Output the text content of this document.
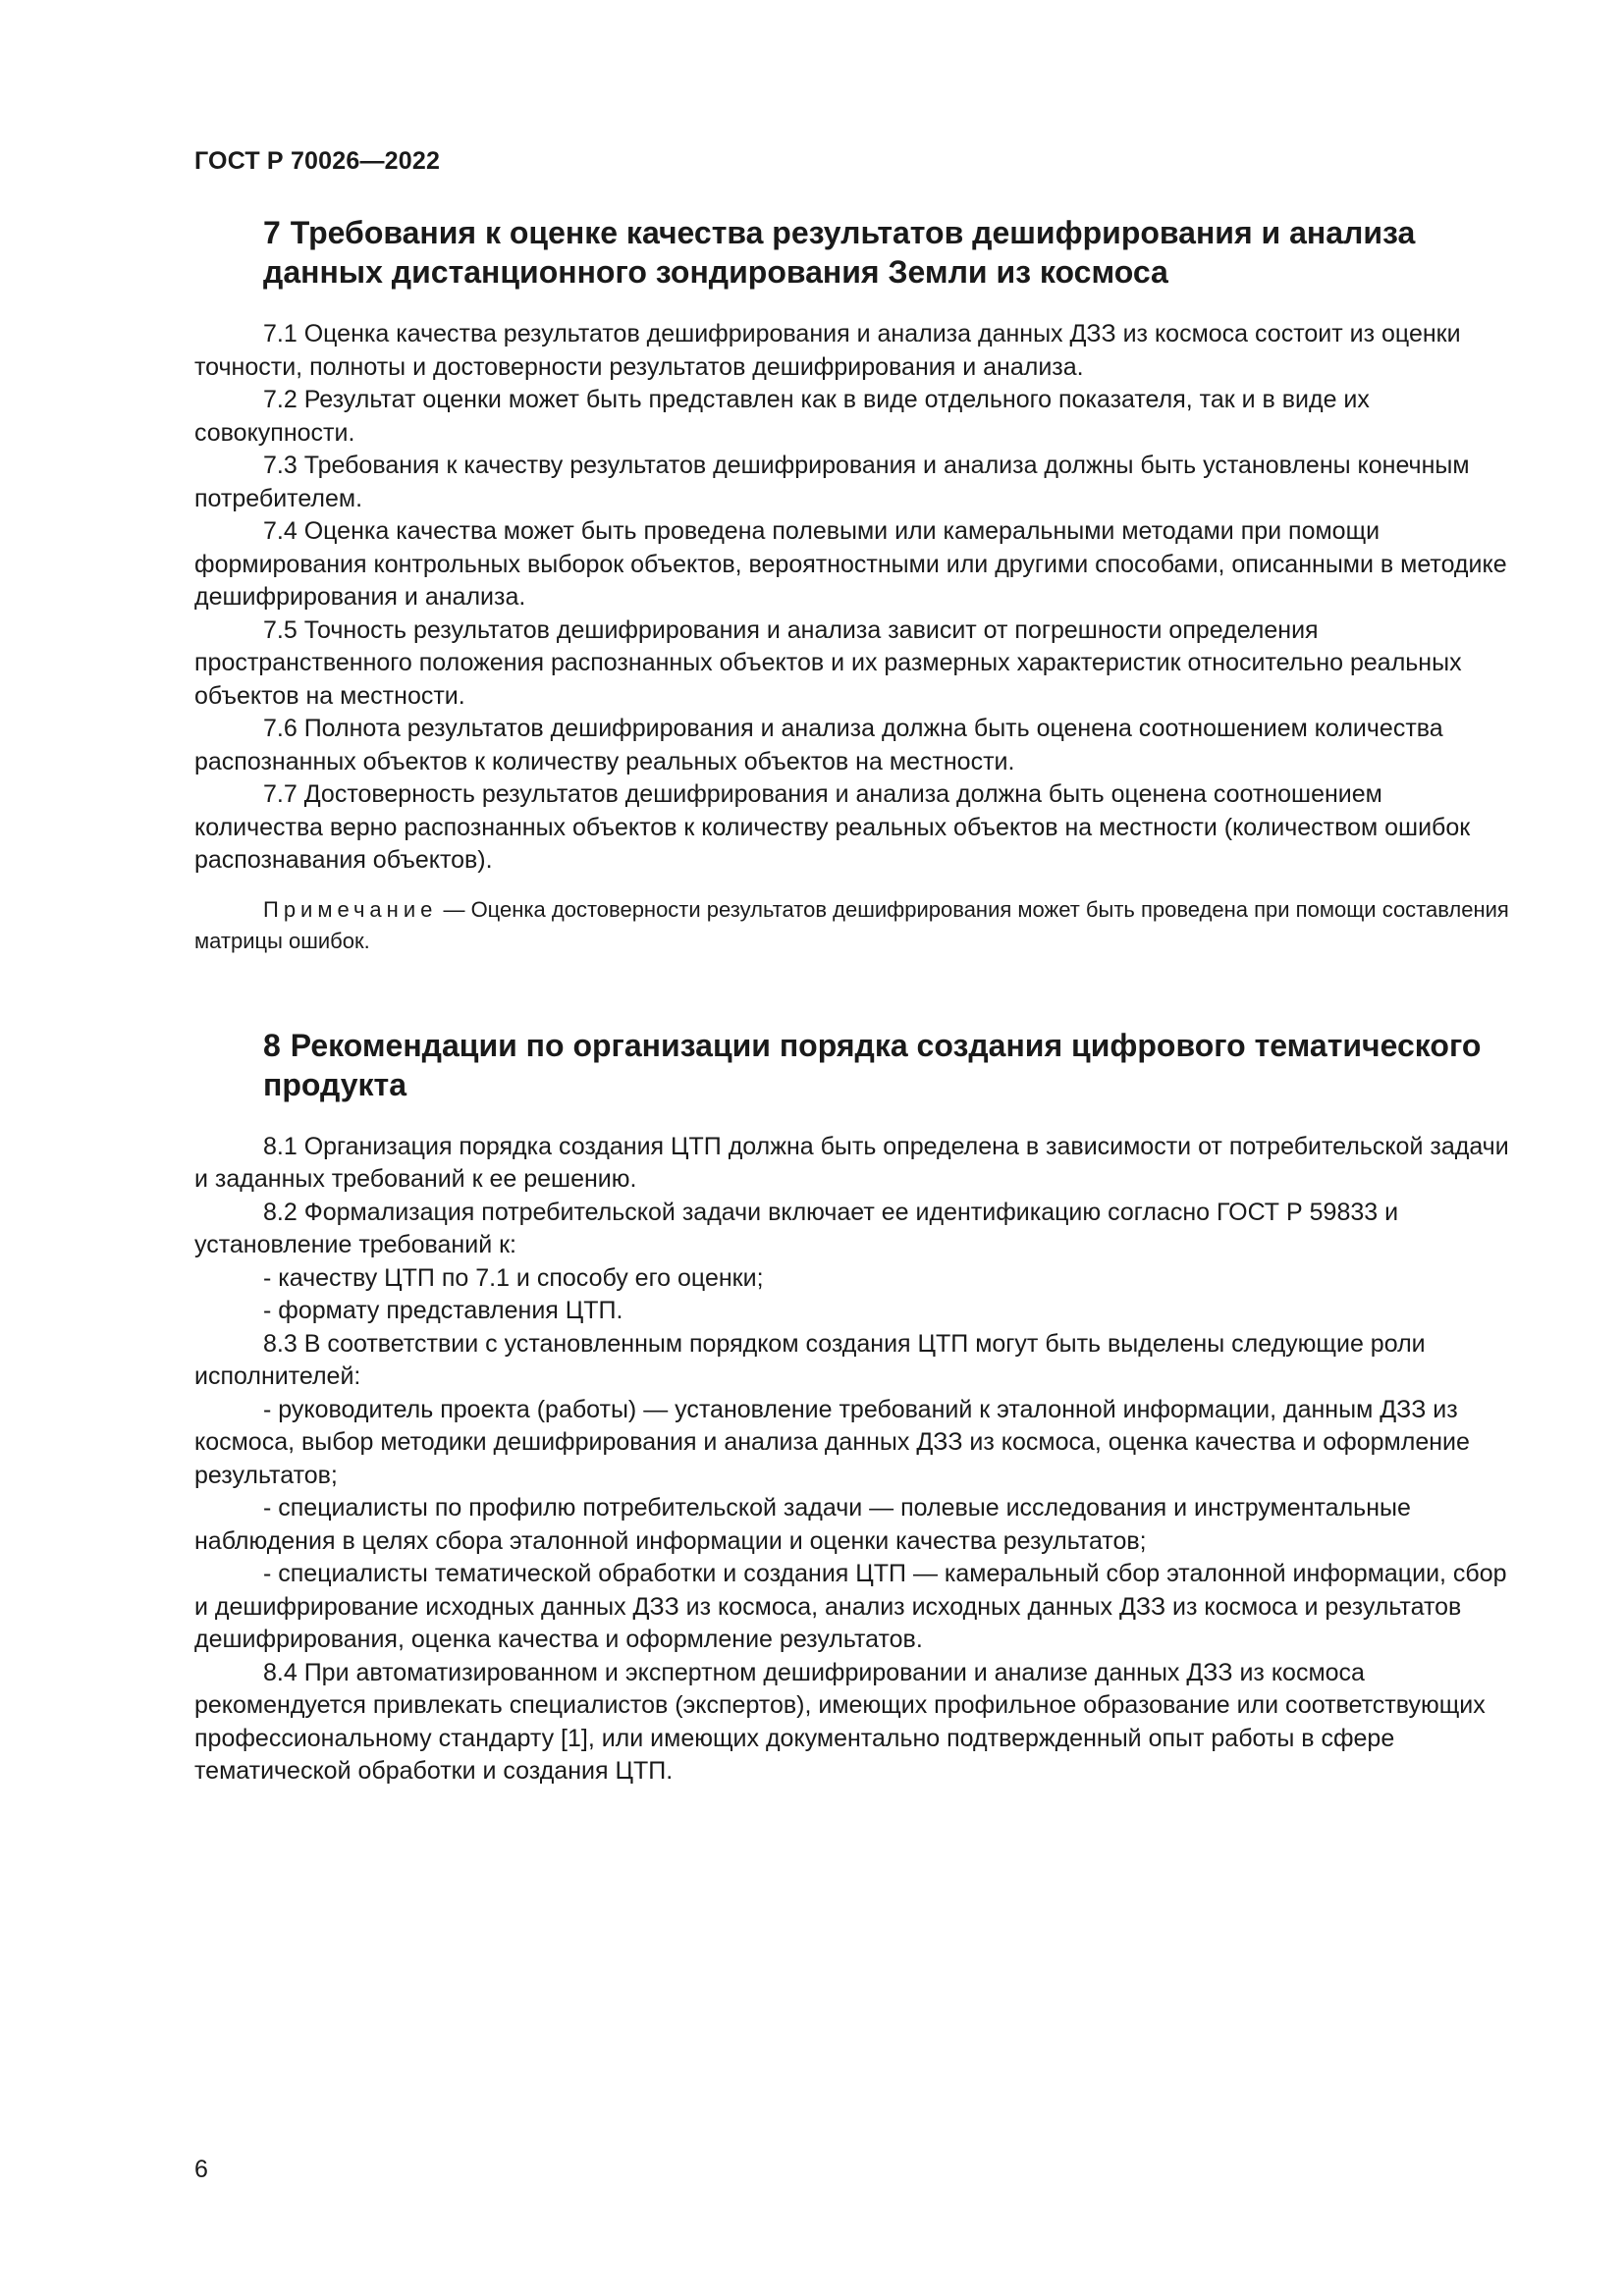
ГОСТ Р 70026—2022
7 Требования к оценке качества результатов дешифрирования и анализа данных дистанционного зондирования Земли из космоса

7.1 Оценка качества результатов дешифрирования и анализа данных ДЗЗ из космоса состоит из оценки точности, полноты и достоверности результатов дешифрирования и анализа.

7.2 Результат оценки может быть представлен как в виде отдельного показателя, так и в виде их совокупности.

7.3 Требования к качеству результатов дешифрирования и анализа должны быть установлены конечным потребителем.

7.4 Оценка качества может быть проведена полевыми или камеральными методами при помощи формирования контрольных выборок объектов, вероятностными или другими способами, описанными в методике дешифрирования и анализа.

7.5 Точность результатов дешифрирования и анализа зависит от погрешности определения пространственного положения распознанных объектов и их размерных характеристик относительно реальных объектов на местности.

7.6 Полнота результатов дешифрирования и анализа должна быть оценена соотношением количества распознанных объектов к количеству реальных объектов на местности.

7.7 Достоверность результатов дешифрирования и анализа должна быть оценена соотношением количества верно распознанных объектов к количеству реальных объектов на местности (количеством ошибок распознавания объектов).

Примечание — Оценка достоверности результатов дешифрирования может быть проведена при помощи составления матрицы ошибок.

8 Рекомендации по организации порядка создания цифрового тематического продукта

8.1 Организация порядка создания ЦТП должна быть определена в зависимости от потребительской задачи и заданных требований к ее решению.

8.2 Формализация потребительской задачи включает ее идентификацию согласно ГОСТ Р 59833 и установление требований к:

- качеству ЦТП по 7.1 и способу его оценки;

- формату представления ЦТП.

8.3 В соответствии с установленным порядком создания ЦТП могут быть выделены следующие роли исполнителей:

- руководитель проекта (работы) — установление требований к эталонной информации, данным ДЗЗ из космоса, выбор методики дешифрирования и анализа данных ДЗЗ из космоса, оценка качества и оформление результатов;

- специалисты по профилю потребительской задачи — полевые исследования и инструментальные наблюдения в целях сбора эталонной информации и оценки качества результатов;

- специалисты тематической обработки и создания ЦТП — камеральный сбор эталонной информации, сбор и дешифрирование исходных данных ДЗЗ из космоса, анализ исходных данных ДЗЗ из космоса и результатов дешифрирования, оценка качества и оформление результатов.

8.4 При автоматизированном и экспертном дешифрировании и анализе данных ДЗЗ из космоса рекомендуется привлекать специалистов (экспертов), имеющих профильное образование или соответствующих профессиональному стандарту [1], или имеющих документально подтвержденный опыт работы в сфере тематической обработки и создания ЦТП.

6
